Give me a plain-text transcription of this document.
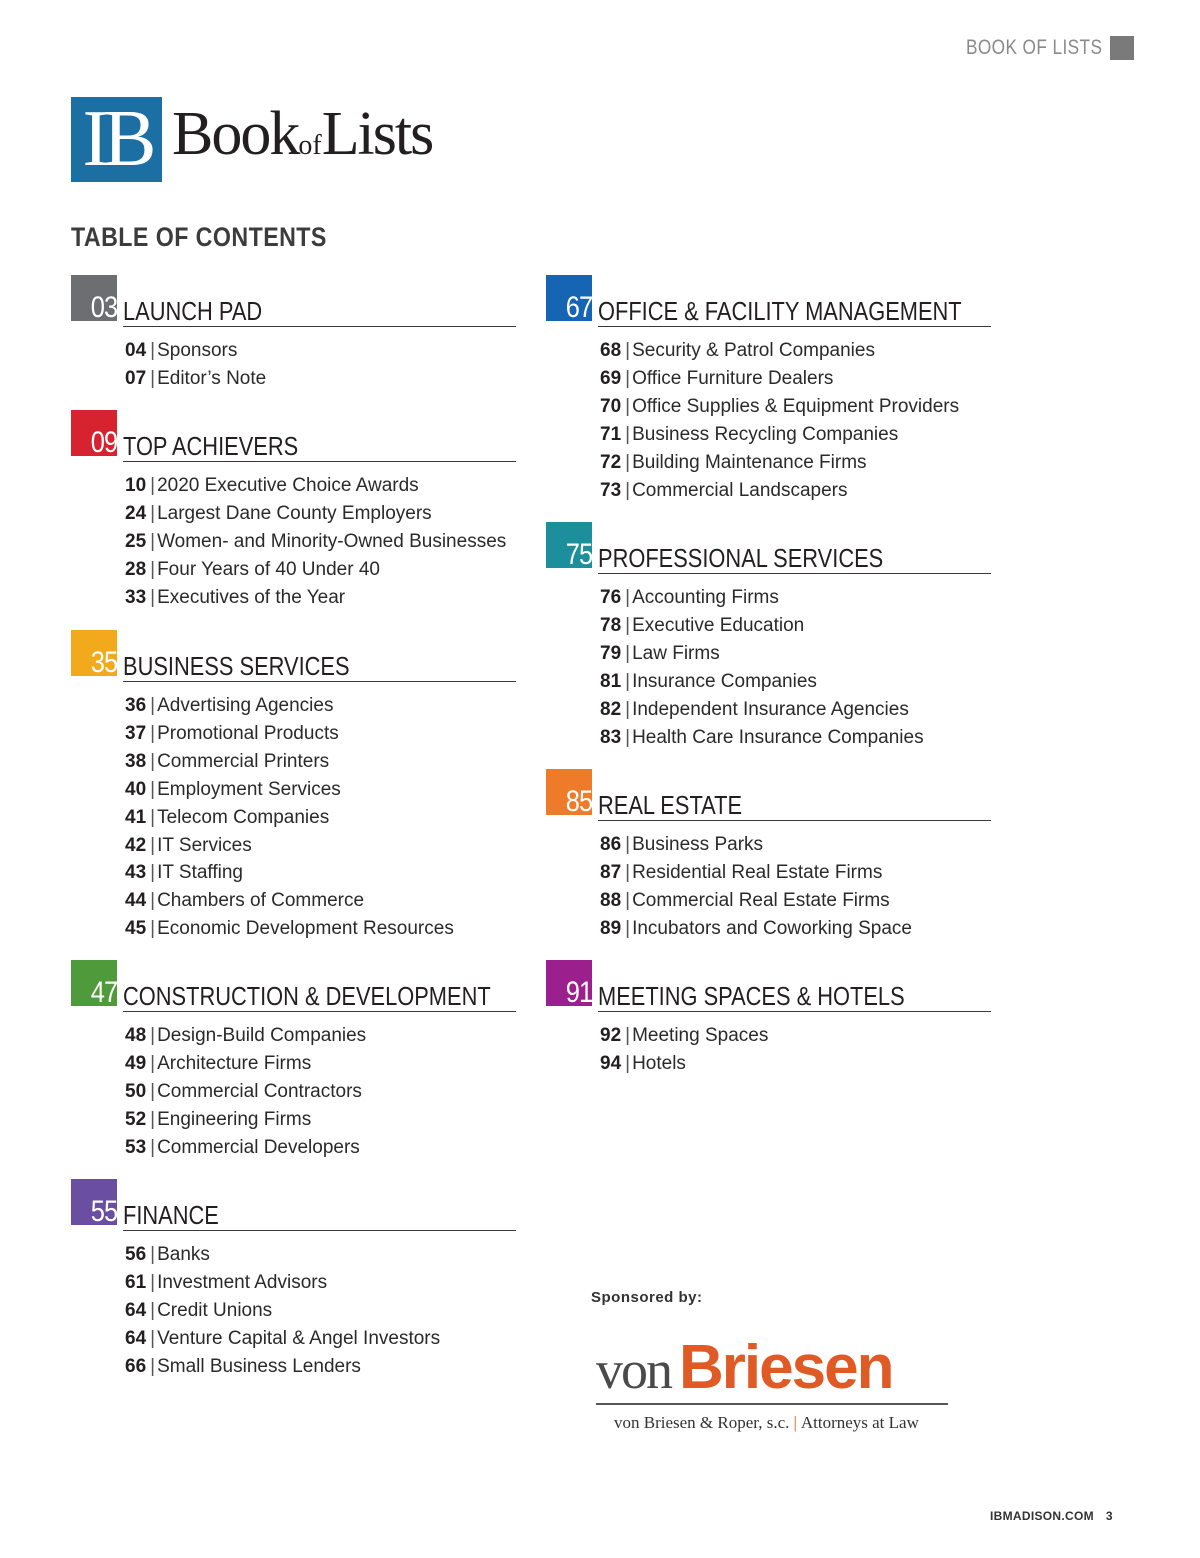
BOOK OF LISTS
IB BookofLists
TABLE OF CONTENTS
03 LAUNCH PAD
04 | Sponsors
07 | Editor’s Note
09 TOP ACHIEVERS
10 | 2020 Executive Choice Awards
24 | Largest Dane County Employers
25 | Women- and Minority-Owned Businesses
28 | Four Years of 40 Under 40
33 | Executives of the Year
35 BUSINESS SERVICES
36 | Advertising Agencies
37 | Promotional Products
38 | Commercial Printers
40 | Employment Services
41 | Telecom Companies
42 | IT Services
43 | IT Staffing
44 | Chambers of Commerce
45 | Economic Development Resources
47 CONSTRUCTION & DEVELOPMENT
48 | Design-Build Companies
49 | Architecture Firms
50 | Commercial Contractors
52 | Engineering Firms
53 | Commercial Developers
55 FINANCE
56 | Banks
61 | Investment Advisors
64 | Credit Unions
64 | Venture Capital & Angel Investors
66 | Small Business Lenders
67 OFFICE & FACILITY MANAGEMENT
68 | Security & Patrol Companies
69 | Office Furniture Dealers
70 | Office Supplies & Equipment Providers
71 | Business Recycling Companies
72 | Building Maintenance Firms
73 | Commercial Landscapers
75 PROFESSIONAL SERVICES
76 | Accounting Firms
78 | Executive Education
79 | Law Firms
81 | Insurance Companies
82 | Independent Insurance Agencies
83 | Health Care Insurance Companies
85 REAL ESTATE
86 | Business Parks
87 | Residential Real Estate Firms
88 | Commercial Real Estate Firms
89 | Incubators and Coworking Space
91 MEETING SPACES & HOTELS
92 | Meeting Spaces
94 | Hotels
Sponsored by:
von Briesen
von Briesen & Roper, s.c. | Attorneys at Law
IBMADISON.COM 3
